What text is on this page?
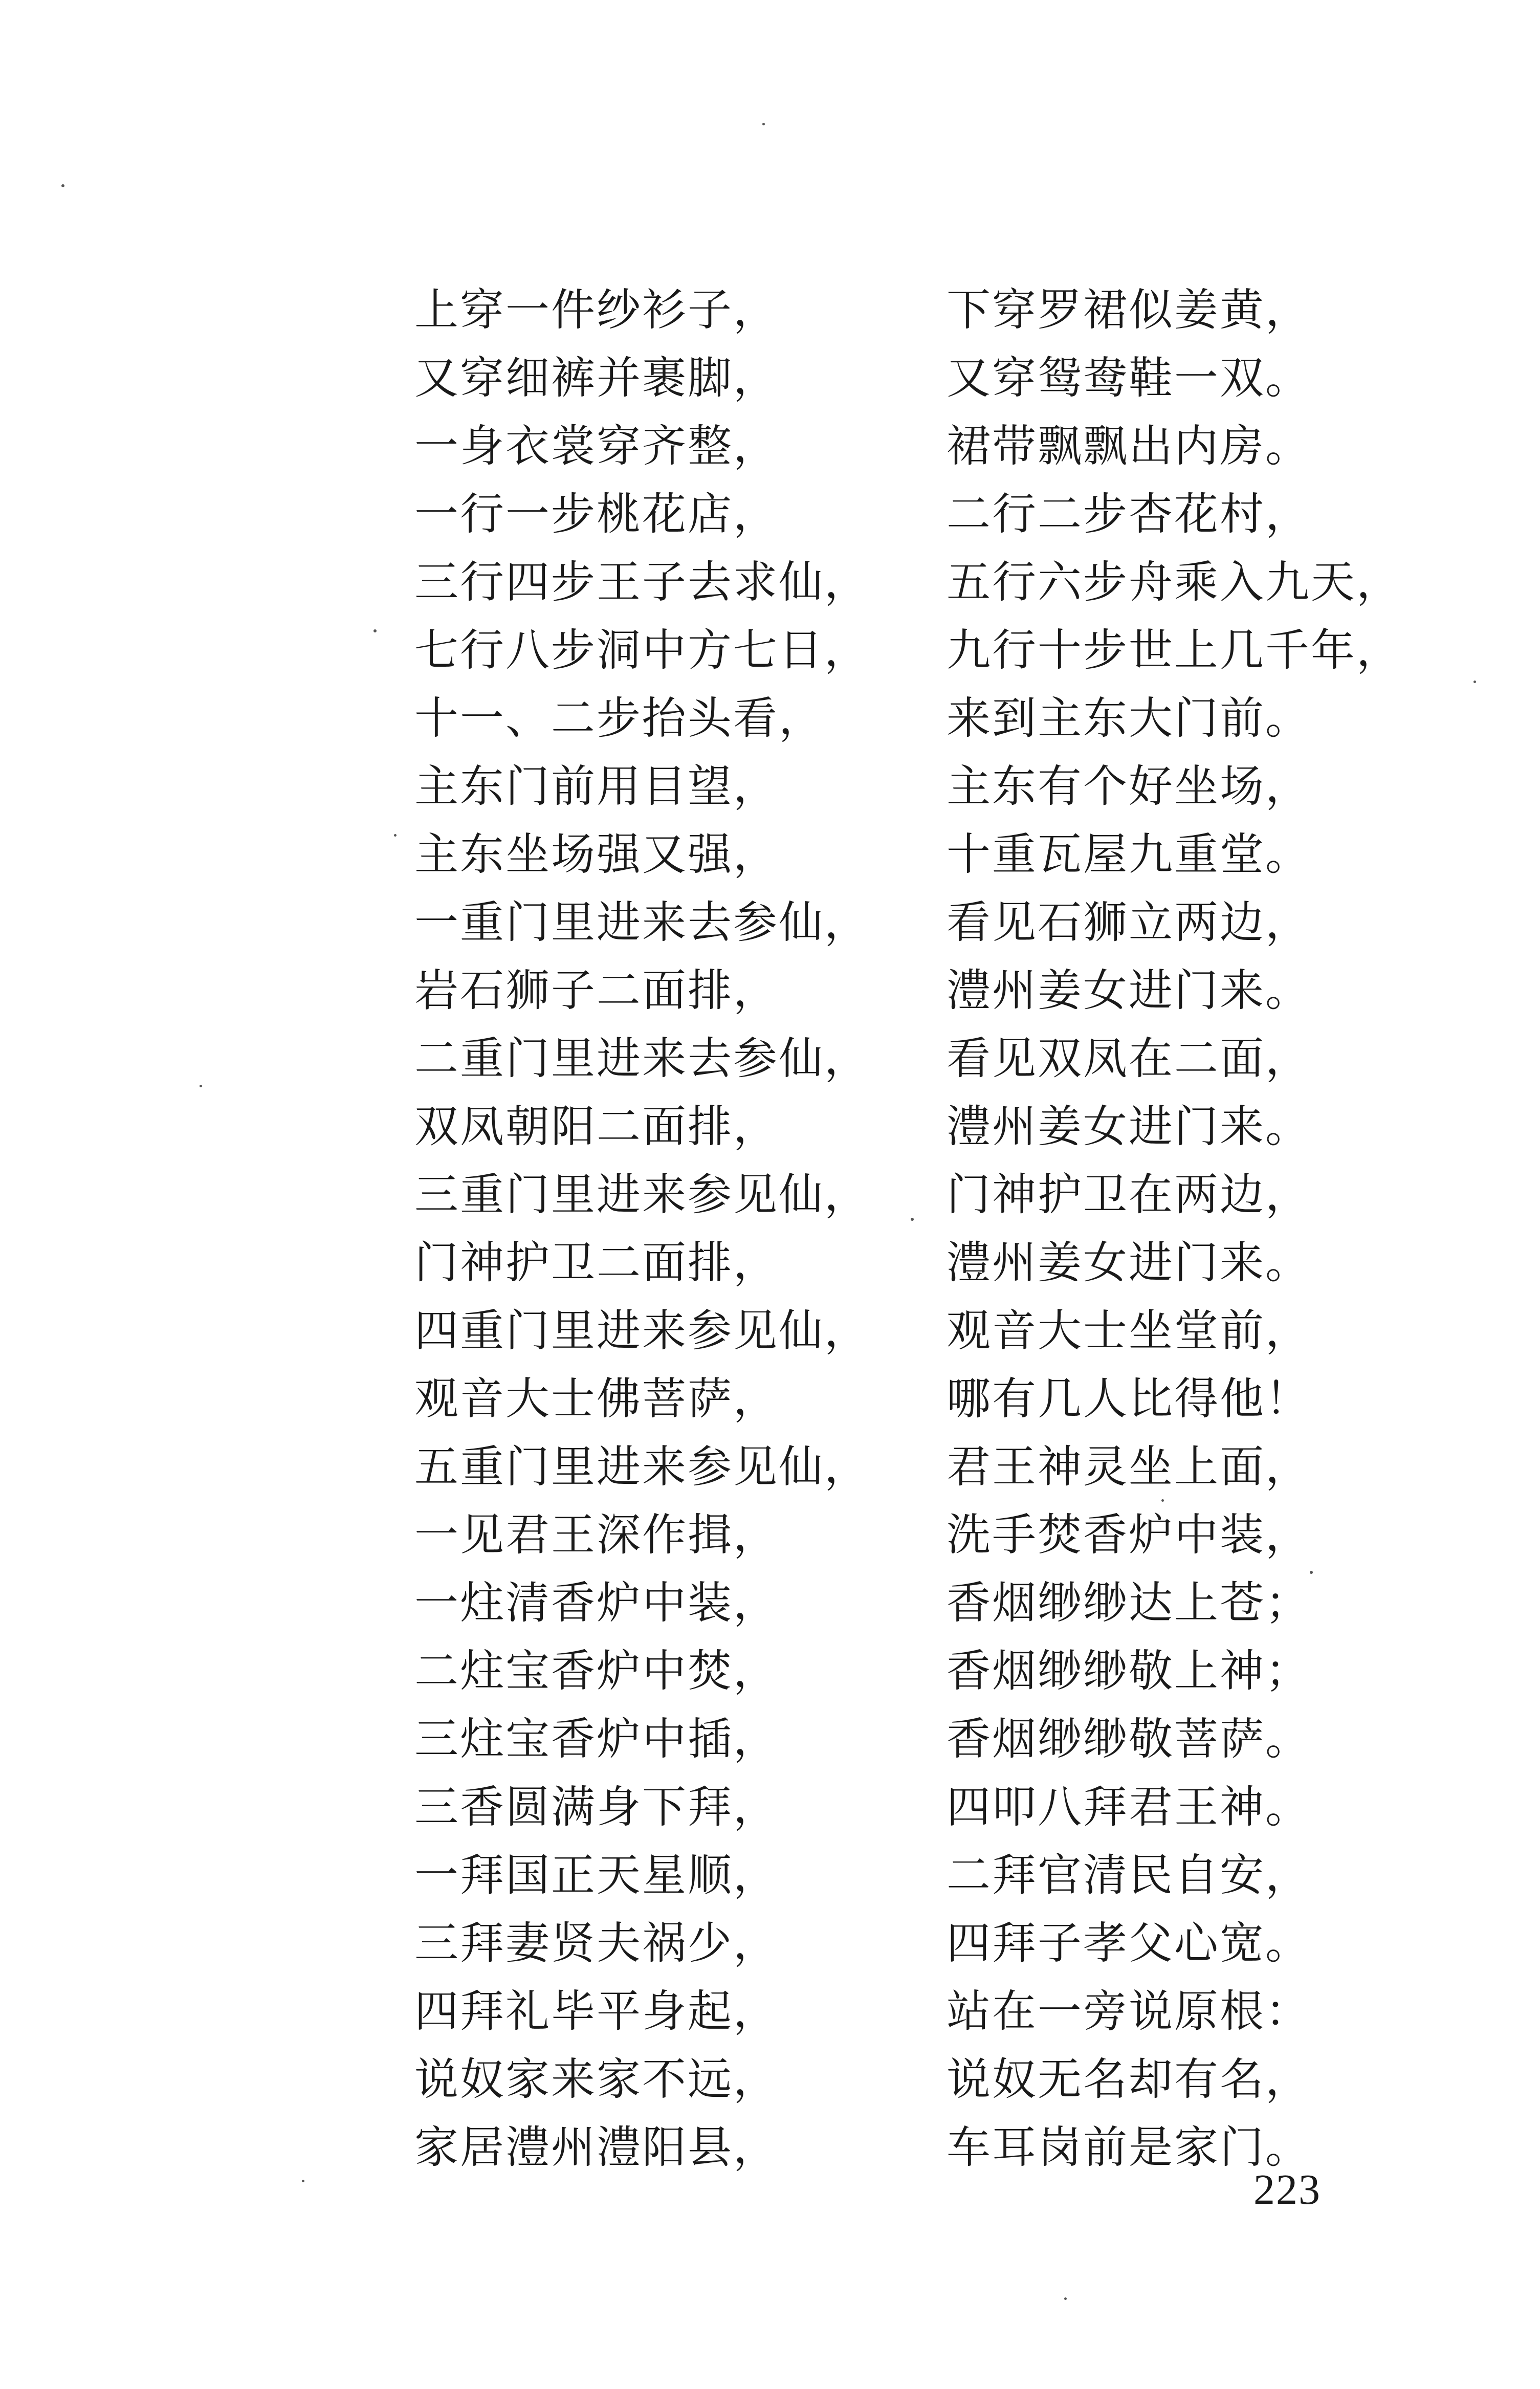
上穿一件纱衫子，	下穿罗裙似姜黄，
又穿细裤并裹脚，	又穿鸳鸯鞋一双。
一身衣裳穿齐整，	裙带飘飘出内房。
一行一步桃花店，	二行二步杏花村，
三行四步王子去求仙，	五行六步舟乘入九天，
七行八步洞中方七日，	九行十步世上几千年，
十一、二步抬头看，	来到主东大门前。
主东门前用目望，	主东有个好坐场，
主东坐场强又强，	十重瓦屋九重堂。
一重门里进来去参仙，	看见石狮立两边，
岩石狮子二面排，	澧州姜女进门来。
二重门里进来去参仙，	看见双凤在二面，
双凤朝阳二面排，	澧州姜女进门来。
三重门里进来参见仙，	门神护卫在两边，
门神护卫二面排，	澧州姜女进门来。
四重门里进来参见仙，	观音大士坐堂前，
观音大士佛菩萨，	哪有几人比得他！
五重门里进来参见仙，	君王神灵坐上面，
一见君王深作揖，	洗手焚香炉中装，
一炷清香炉中装，	香烟缈缈达上苍；
二炷宝香炉中焚，	香烟缈缈敬上神；
三炷宝香炉中插，	香烟缈缈敬菩萨。
三香圆满身下拜，	四叩八拜君王神。
一拜国正天星顺，	二拜官清民自安，
三拜妻贤夫祸少，	四拜子孝父心宽。
四拜礼毕平身起，	站在一旁说原根：
说奴家来家不远，	说奴无名却有名，
家居澧州澧阳县，	车耳岗前是家门。
223
